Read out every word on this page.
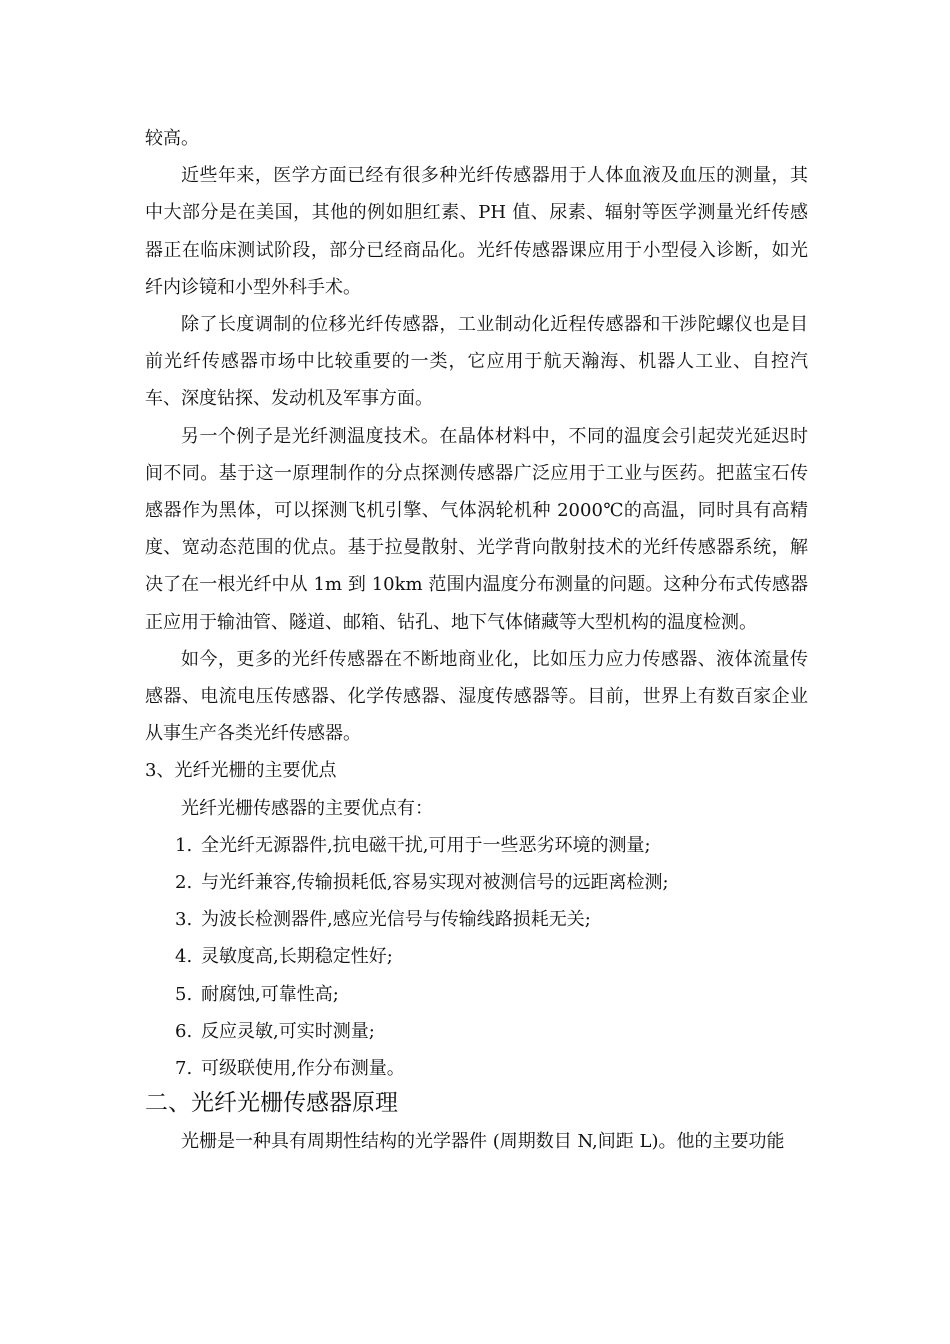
较高。

近些年来，医学方面已经有很多种光纤传感器用于人体血液及血压的测量，其中大部分是在美国，其他的例如胆红素、PH 值、尿素、辐射等医学测量光纤传感器正在临床测试阶段，部分已经商品化。光纤传感器课应用于小型侵入诊断，如光纤内诊镜和小型外科手术。

除了长度调制的位移光纤传感器，工业制动化近程传感器和干涉陀螺仪也是目前光纤传感器市场中比较重要的一类，它应用于航天瀚海、机器人工业、自控汽车、深度钻探、发动机及军事方面。

另一个例子是光纤测温度技术。在晶体材料中，不同的温度会引起荧光延迟时间不同。基于这一原理制作的分点探测传感器广泛应用于工业与医药。把蓝宝石传感器作为黑体，可以探测飞机引擎、气体涡轮机种 2000℃的高温，同时具有高精度、宽动态范围的优点。基于拉曼散射、光学背向散射技术的光纤传感器系统，解决了在一根光纤中从 1m 到 10km 范围内温度分布测量的问题。这种分布式传感器正应用于输油管、隧道、邮箱、钻孔、地下气体储藏等大型机构的温度检测。

如今，更多的光纤传感器在不断地商业化，比如压力应力传感器、液体流量传感器、电流电压传感器、化学传感器、湿度传感器等。目前，世界上有数百家企业从事生产各类光纤传感器。

3、光纤光栅的主要优点

光纤光栅传感器的主要优点有：

1. 全光纤无源器件,抗电磁干扰,可用于一些恶劣环境的测量;
2. 与光纤兼容,传输损耗低,容易实现对被测信号的远距离检测;
3. 为波长检测器件,感应光信号与传输线路损耗无关;
4. 灵敏度高,长期稳定性好;
5. 耐腐蚀,可靠性高;
6. 反应灵敏,可实时测量;
7. 可级联使用,作分布测量。
二、光纤光栅传感器原理

光栅是一种具有周期性结构的光学器件 (周期数目 N,间距 L)。他的主要功能
